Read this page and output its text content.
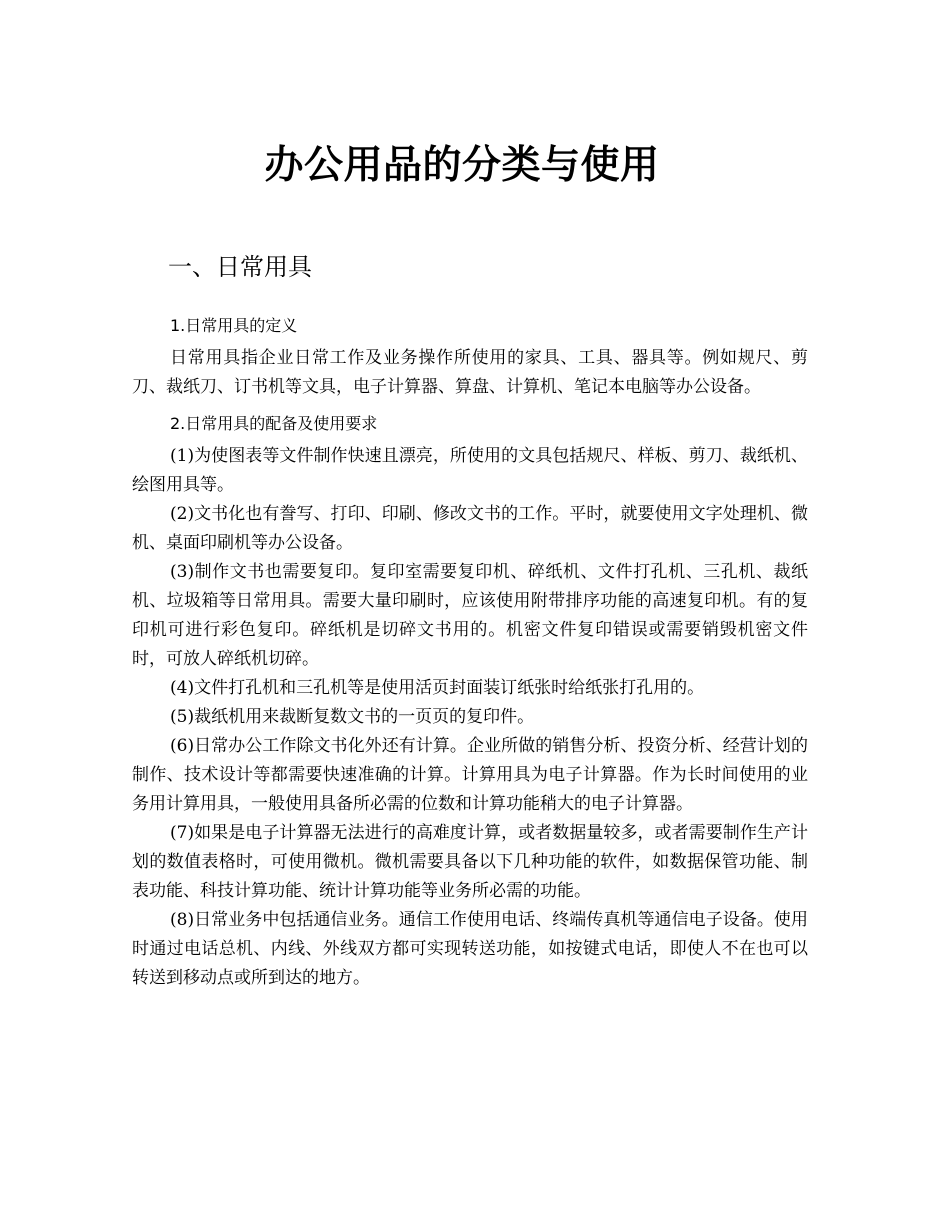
办公用品的分类与使用
一、日常用具
1.日常用具的定义

日常用具指企业日常工作及业务操作所使用的家具、工具、器具等。例如规尺、剪刀、裁纸刀、订书机等文具，电子计算器、算盘、计算机、笔记本电脑等办公设备。

2.日常用具的配备及使用要求

(1)为使图表等文件制作快速且漂亮，所使用的文具包括规尺、样板、剪刀、裁纸机、绘图用具等。

(2)文书化也有誊写、打印、印刷、修改文书的工作。平时，就要使用文字处理机、微机、桌面印刷机等办公设备。

(3)制作文书也需要复印。复印室需要复印机、碎纸机、文件打孔机、三孔机、裁纸机、垃圾箱等日常用具。需要大量印刷时，应该使用附带排序功能的高速复印机。有的复印机可进行彩色复印。碎纸机是切碎文书用的。机密文件复印错误或需要销毁机密文件时，可放人碎纸机切碎。

(4)文件打孔机和三孔机等是使用活页封面装订纸张时给纸张打孔用的。

(5)裁纸机用来裁断复数文书的一页页的复印件。

(6)日常办公工作除文书化外还有计算。企业所做的销售分析、投资分析、经营计划的制作、技术设计等都需要快速准确的计算。计算用具为电子计算器。作为长时间使用的业务用计算用具，一般使用具备所必需的位数和计算功能稍大的电子计算器。

(7)如果是电子计算器无法进行的高难度计算，或者数据量较多，或者需要制作生产计划的数值表格时，可使用微机。微机需要具备以下几种功能的软件，如数据保管功能、制表功能、科技计算功能、统计计算功能等业务所必需的功能。

(8)日常业务中包括通信业务。通信工作使用电话、终端传真机等通信电子设备。使用时通过电话总机、内线、外线双方都可实现转送功能，如按键式电话，即使人不在也可以转送到移动点或所到达的地方。
